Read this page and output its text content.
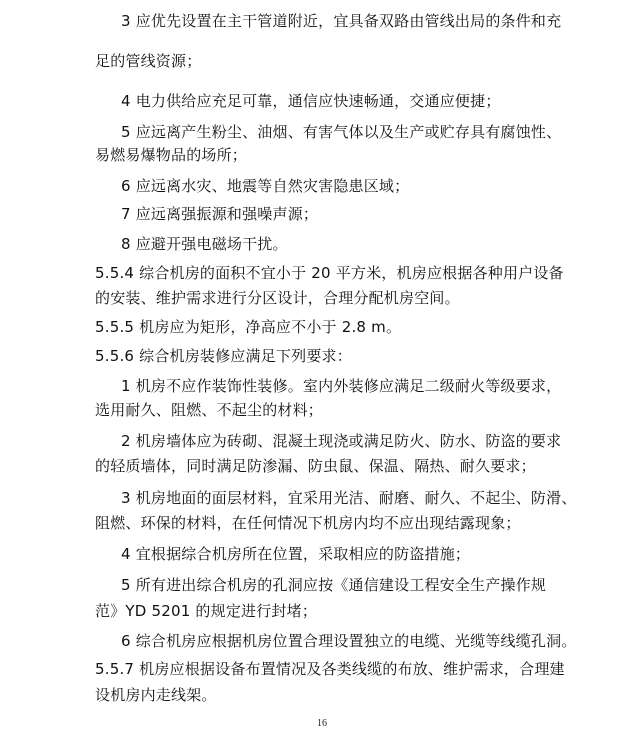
3 应优先设置在主干管道附近，宜具备双路由管线出局的条件和充
足的管线资源；
4 电力供给应充足可靠，通信应快速畅通，交通应便捷；
5 应远离产生粉尘、油烟、有害气体以及生产或贮存具有腐蚀性、
易燃易爆物品的场所；
6 应远离水灾、地震等自然灾害隐患区域；
7 应远离强振源和强噪声源；
8 应避开强电磁场干扰。
5.5.4 综合机房的面积不宜小于 20 平方米，机房应根据各种用户设备
的安装、维护需求进行分区设计，合理分配机房空间。
5.5.5 机房应为矩形，净高应不小于 2.8 m。
5.5.6 综合机房装修应满足下列要求：
1 机房不应作装饰性装修。室内外装修应满足二级耐火等级要求，
选用耐久、阻燃、不起尘的材料；
2 机房墙体应为砖砌、混凝土现浇或满足防火、防水、防盗的要求
的轻质墙体，同时满足防渗漏、防虫鼠、保温、隔热、耐久要求；
3 机房地面的面层材料，宜采用光洁、耐磨、耐久、不起尘、防滑、
阻燃、环保的材料，在任何情况下机房内均不应出现结露现象；
4 宜根据综合机房所在位置，采取相应的防盗措施；
5 所有进出综合机房的孔洞应按《通信建设工程安全生产操作规
范》YD 5201 的规定进行封堵；
6 综合机房应根据机房位置合理设置独立的电缆、光缆等线缆孔洞。
5.5.7 机房应根据设备布置情况及各类线缆的布放、维护需求，合理建
设机房内走线架。
16
